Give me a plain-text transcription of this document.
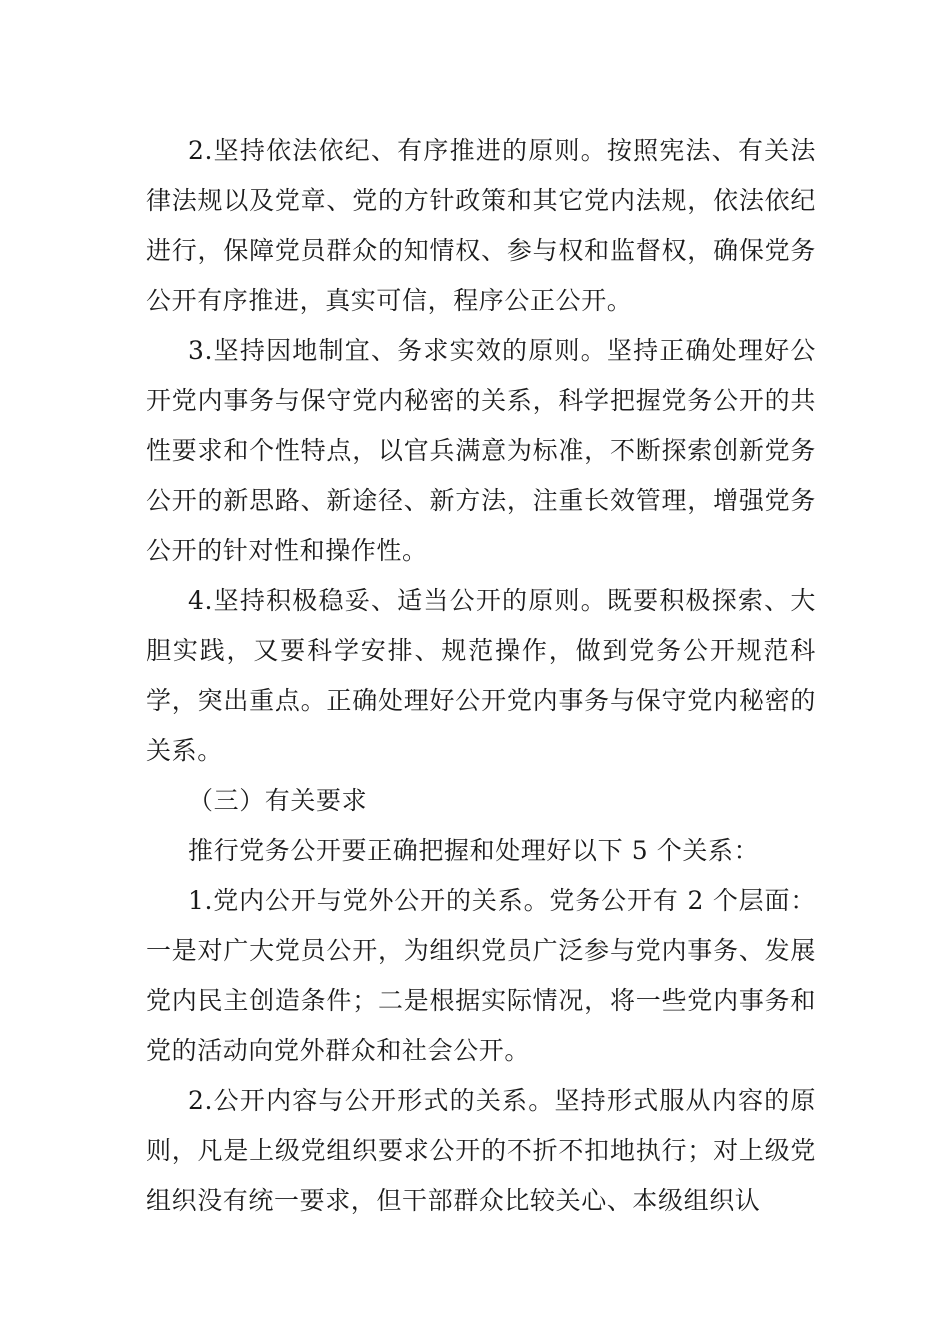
2.坚持依法依纪、有序推进的原则。按照宪法、有关法律法规以及党章、党的方针政策和其它党内法规，依法依纪进行，保障党员群众的知情权、参与权和监督权，确保党务公开有序推进，真实可信，程序公正公开。

3.坚持因地制宜、务求实效的原则。坚持正确处理好公开党内事务与保守党内秘密的关系，科学把握党务公开的共性要求和个性特点，以官兵满意为标准，不断探索创新党务公开的新思路、新途径、新方法，注重长效管理，增强党务公开的针对性和操作性。

4.坚持积极稳妥、适当公开的原则。既要积极探索、大胆实践，又要科学安排、规范操作，做到党务公开规范科学，突出重点。正确处理好公开党内事务与保守党内秘密的关系。

（三）有关要求

推行党务公开要正确把握和处理好以下 5 个关系：

1.党内公开与党外公开的关系。党务公开有 2 个层面：一是对广大党员公开，为组织党员广泛参与党内事务、发展党内民主创造条件；二是根据实际情况，将一些党内事务和党的活动向党外群众和社会公开。

2.公开内容与公开形式的关系。坚持形式服从内容的原则，凡是上级党组织要求公开的不折不扣地执行；对上级党组织没有统一要求，但干部群众比较关心、本级组织认
